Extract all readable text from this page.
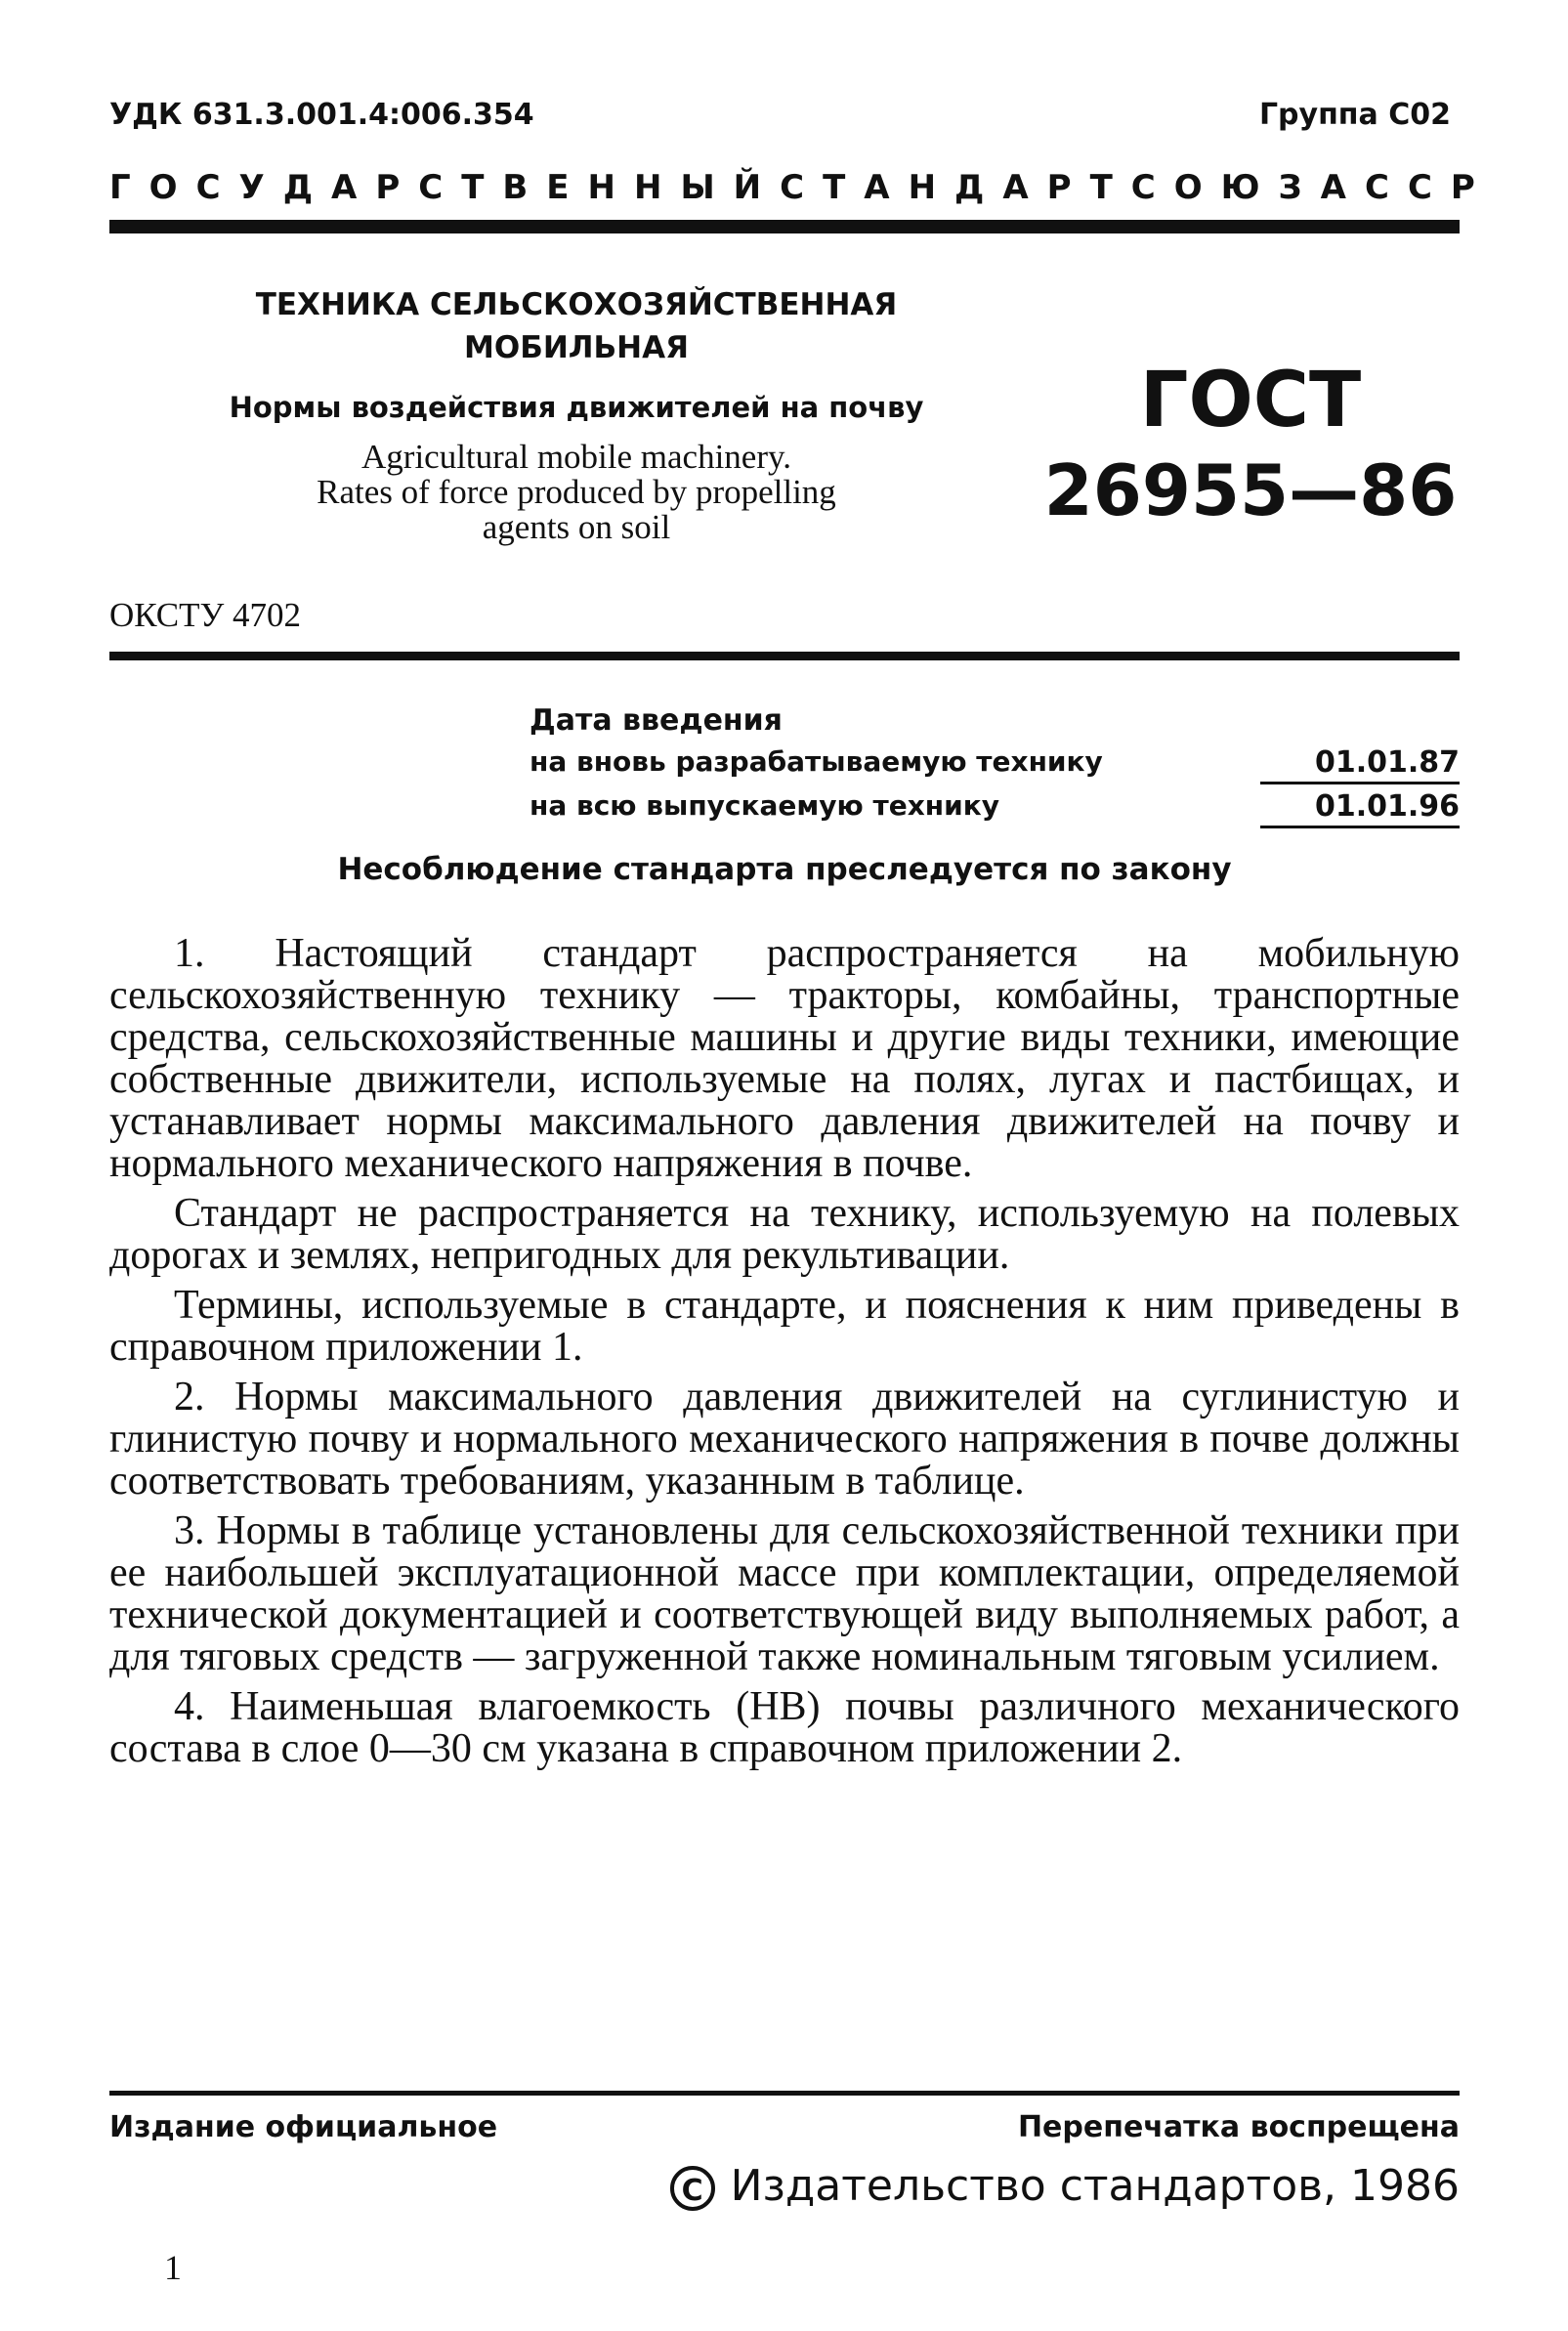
УДК 631.3.001.4:006.354	Группа С02
ГОСУДАРСТВЕННЫЙ СТАНДАРТ СОЮЗА ССР
ТЕХНИКА СЕЛЬСКОХОЗЯЙСТВЕННАЯ
МОБИЛЬНАЯ
Нормы воздействия движителей на почву
Agricultural mobile machinery.
Rates of force produced by propelling
agents on soil
ГОСТ
26955—86
ОКСТУ 4702
Дата введения
на вновь разрабатываемую технику	01.01.87
на всю выпускаемую технику	01.01.96
Несоблюдение стандарта преследуется по закону

1. Настоящий стандарт распространяется на мобильную сельскохозяйственную технику — тракторы, комбайны, транспортные средства, сельскохозяйственные машины и другие виды техники, имеющие собственные движители, используемые на полях, лугах и пастбищах, и устанавливает нормы максимального давления движителей на почву и нормального механического напряжения в почве.

Стандарт не распространяется на технику, используемую на полевых дорогах и землях, непригодных для рекультивации.

Термины, используемые в стандарте, и пояснения к ним приведены в справочном приложении 1.

2. Нормы максимального давления движителей на суглинистую и глинистую почву и нормального механического напряжения в почве должны соответствовать требованиям, указанным в таблице.

3. Нормы в таблице установлены для сельскохозяйственной техники при ее наибольшей эксплуатационной массе при комплектации, определяемой технической документацией и соответствующей виду выполняемых работ, а для тяговых средств — загруженной также номинальным тяговым усилием.

4. Наименьшая влагоемкость (НВ) почвы различного механического состава в слое 0—30 см указана в справочном приложении 2.

Издание официальное	Перепечатка воспрещена
C Издательство стандартов, 1986
1
